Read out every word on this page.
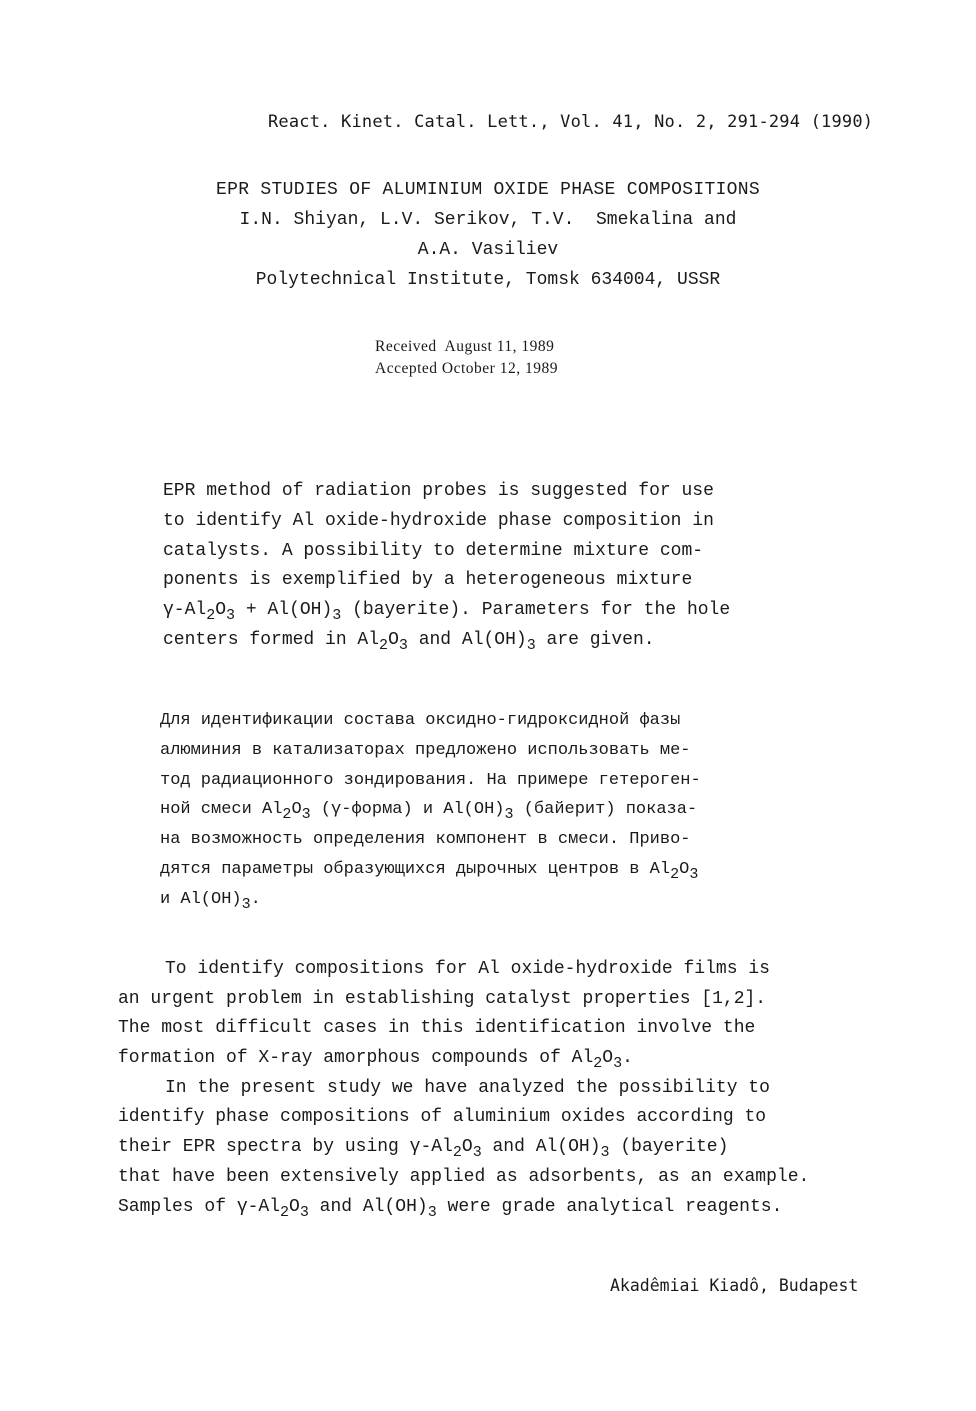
React. Kinet. Catal. Lett., Vol. 41, No. 2, 291-294 (1990)
EPR STUDIES OF ALUMINIUM OXIDE PHASE COMPOSITIONS
I.N. Shiyan, L.V. Serikov, T.V.  Smekalina and
A.A. Vasiliev
Polytechnical Institute, Tomsk 634004, USSR
Received  August 11, 1989
Accepted October 12, 1989
EPR method of radiation probes is suggested for use
to identify Al oxide-hydroxide phase composition in
catalysts. A possibility to determine mixture com-
ponents is exemplified by a heterogeneous mixture
$\gamma-Al_2O_3 + Al(OH)_3$ (bayerite). Parameters for the hole
centers formed in $Al_2O_3$ and $Al(OH)_3$ are given.
Для идентификации состава оксидно-гидроксидной фазы
алюминия в катализаторах предложено использовать ме-
тод радиационного зондирования. На примере гетероген-
ной смеси $Al_2O_3$ (γ-форма) и $Al(OH)_3$ (байерит) показа-
на возможность определения компонент в смеси. Приво-
дятся параметры образующихся дырочных центров в $Al_2O_3$
и $Al(OH)_3$.
To identify compositions for Al oxide-hydroxide films is
an urgent problem in establishing catalyst properties [1,2].
The most difficult cases in this identification involve the
formation of X-ray amorphous compounds of $Al_2O_3$.
In the present study we have analyzed the possibility to
identify phase compositions of aluminium oxides according to
their EPR spectra by using $\gamma-Al_2O_3$ and $Al(OH)_3$ (bayerite)
that have been extensively applied as adsorbents, as an example.
Samples of $\gamma-Al_2O_3$ and $Al(OH)_3$ were grade analytical reagents.
Akadêmiai Kiadô, Budapest
